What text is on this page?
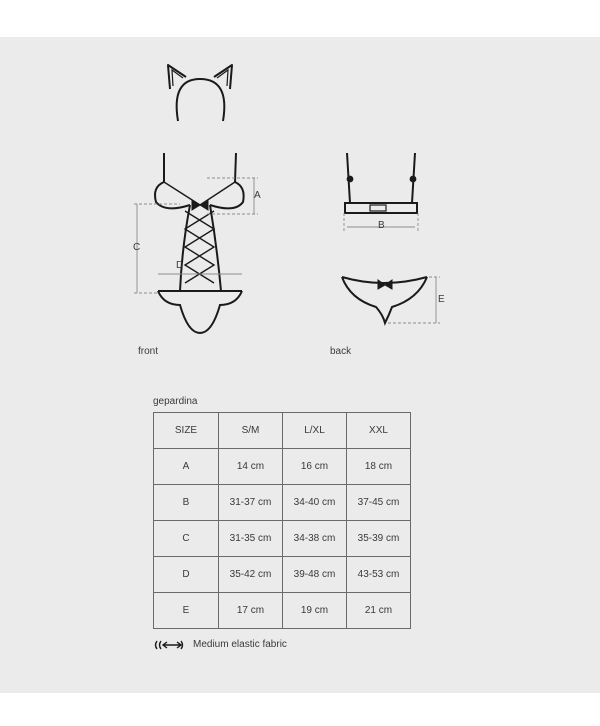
A
C
D
B
E
front	back
gepardina
SIZE	S/M	L/XL	XXL
A	14 cm	16 cm	18 cm
B	31-37 cm	34-40 cm	37-45 cm
C	31-35 cm	34-38 cm	35-39 cm
D	35-42 cm	39-48 cm	43-53 cm
E	17 cm	19 cm	21 cm
Medium elastic fabric
